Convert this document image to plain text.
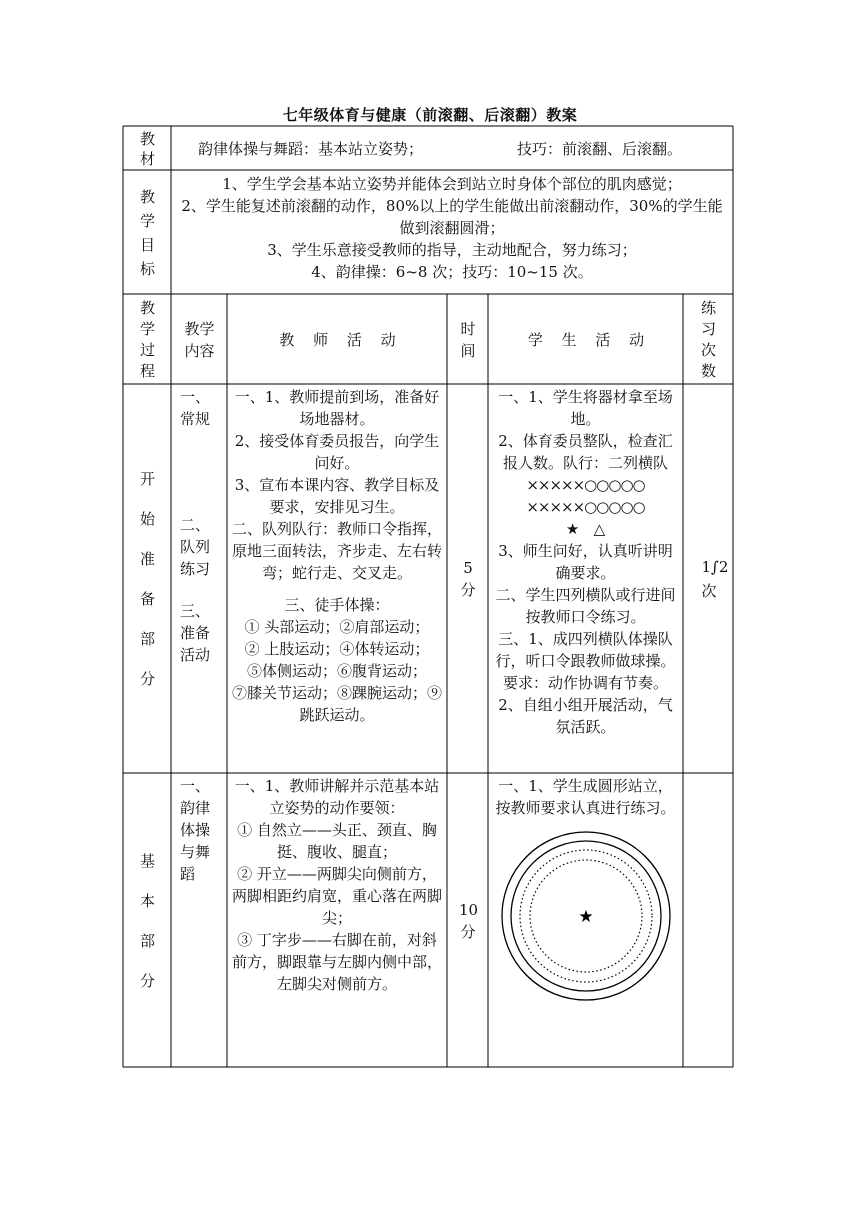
七年级体育与健康（前滚翻、后滚翻）教案
教材
韵律体操与舞蹈：基本站立姿势；	技巧：前滚翻、后滚翻。
教学目标

1、学生学会基本站立姿势并能体会到站立时身体个部位的肌肉感觉；

2、学生能复述前滚翻的动作，80%以上的学生能做出前滚翻动作，30%的学生能做到滚翻圆滑；

3、学生乐意接受教师的指导，主动地配合，努力练习；

4、韵律操：6~8 次；技巧：10~15 次。

教学过程
教学内容
教 师 活 动
时间
学 生 活 动
练习次数
开始准备部分
一、常规
二、队列练习
三、准备活动

一、1、教师提前到场，准备好场地器材。

2、接受体育委员报告，向学生问好。

3、宣布本课内容、教学目标及要求，安排见习生。

二、队列队行：教师口令指挥，原地三面转法，齐步走、左右转弯；蛇行走、交叉走。

三、徒手体操：

① 头部运动；②肩部运动；

② 上肢运动；④体转运动；

⑤体侧运动；⑥腹背运动；

⑦膝关节运动；⑧踝腕运动；⑨跳跃运动。

5分

一、1、学生将器材拿至场地。

2、体育委员整队，检查汇报人数。队行：二列横队

×××××○○○○○

×××××○○○○○

★   △

3、师生问好，认真听讲明确要求。

二、学生四列横队或行进间按教师口令练习。

三、1、成四列横队体操队行，听口令跟教师做球操。要求：动作协调有节奏。

2、自组小组开展活动，气氛活跃。

1∫2次
基本部分
一、韵律体操与舞蹈

一、1、教师讲解并示范基本站立姿势的动作要领：

① 自然立——头正、颈直、胸挺、腹收、腿直；

② 开立——两脚尖向侧前方，两脚相距约肩宽，重心落在两脚尖；

③ 丁字步——右脚在前，对斜前方，脚跟靠与左脚内侧中部，左脚尖对侧前方。

10分

一、1、学生成圆形站立，按教师要求认真进行练习。

★
